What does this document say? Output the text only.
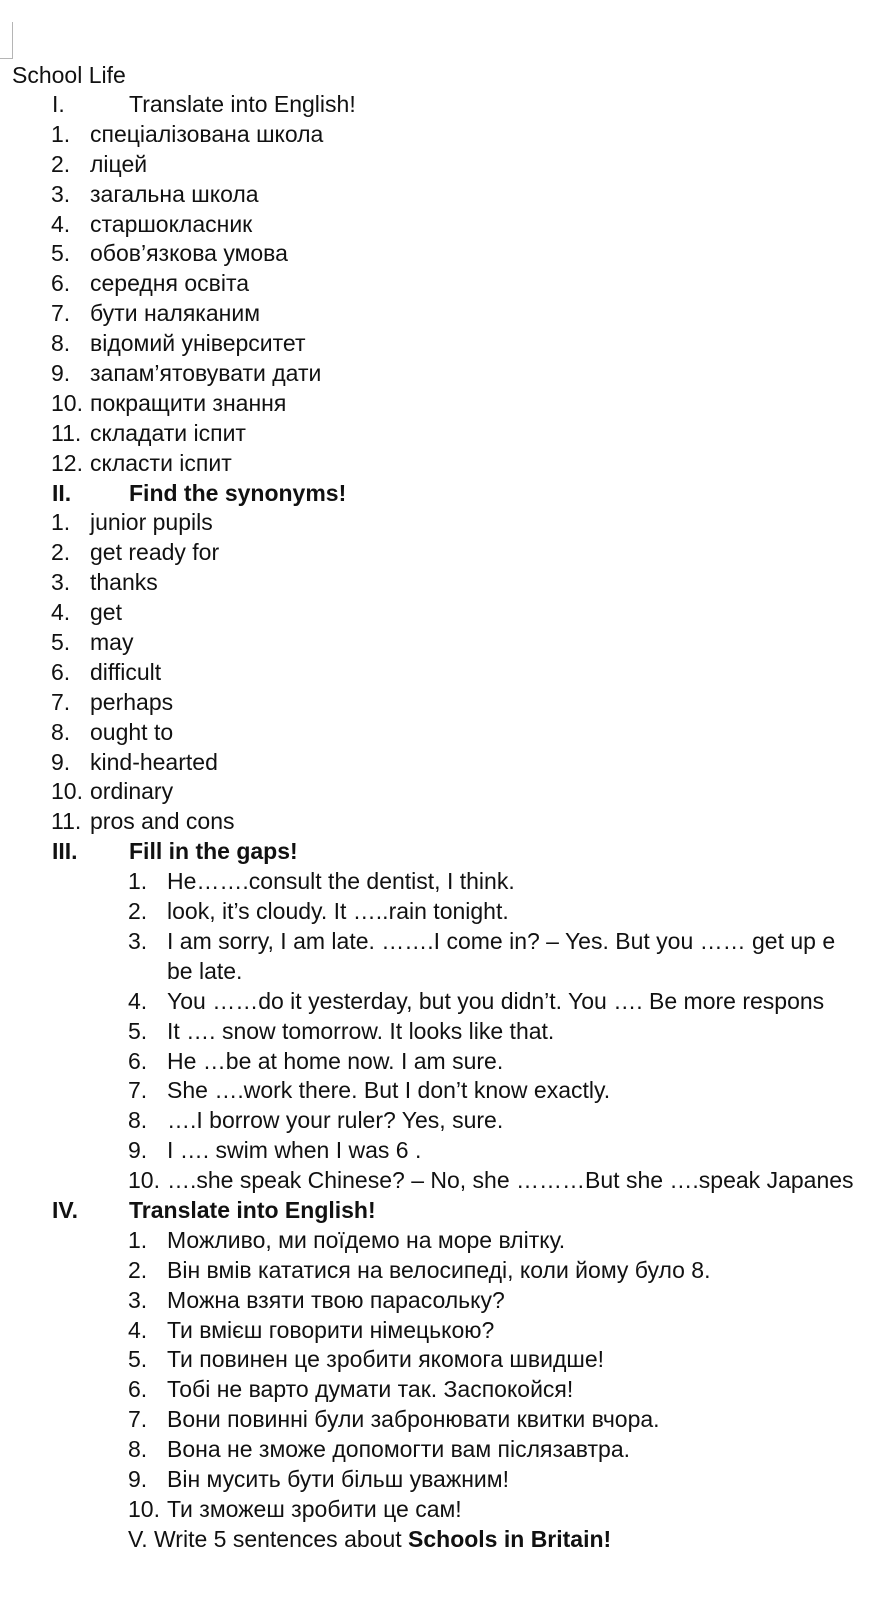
School Life
I.	Translate into English!
1. спеціалізована школа
2. ліцей
3. загальна школа
4. старшокласник
5. обов’язкова умова
6. середня освіта
7. бути наляканим
8. відомий університет
9. запам’ятовувати дати
10. покращити знання
11. складати іспит
12. скласти іспит
II.	Find the synonyms!
1. junior pupils
2. get ready for
3. thanks
4. get
5. may
6. difficult
7. perhaps
8. ought to
9. kind-hearted
10. ordinary
11. pros and cons
III. Fill in the gaps!
1. He…….consult the dentist, I think.
2. look, it’s cloudy. It …..rain tonight.
3. I am sorry, I am late. …….I come in? – Yes. But you …… get up e
be late.
4. You ……do it yesterday, but you didn’t. You …. Be more respons
5. It …. snow tomorrow. It looks like that.
6. He …be at home now. I am sure.
7. She ….work there. But I don’t know exactly.
8. ….I borrow your ruler? Yes, sure.
9. I …. swim when I was 6 .
10. ….she speak Chinese? – No, she ………But she ….speak Japanes
IV. Translate into English!
1. Можливо, ми поїдемо на море влітку.
2. Він вмів кататися на велосипеді, коли йому було 8.
3. Можна взяти твою парасольку?
4. Ти вмієш говорити німецькою?
5. Ти повинен це зробити якомога швидше!
6. Тобі не варто думати так. Заспокойся!
7. Вони повинні були забронювати квитки вчора.
8. Вона не зможе допомогти вам післязавтра.
9. Він мусить бути більш уважним!
10. Ти зможеш зробити це сам!
V. Write 5 sentences about Schools in Britain!
